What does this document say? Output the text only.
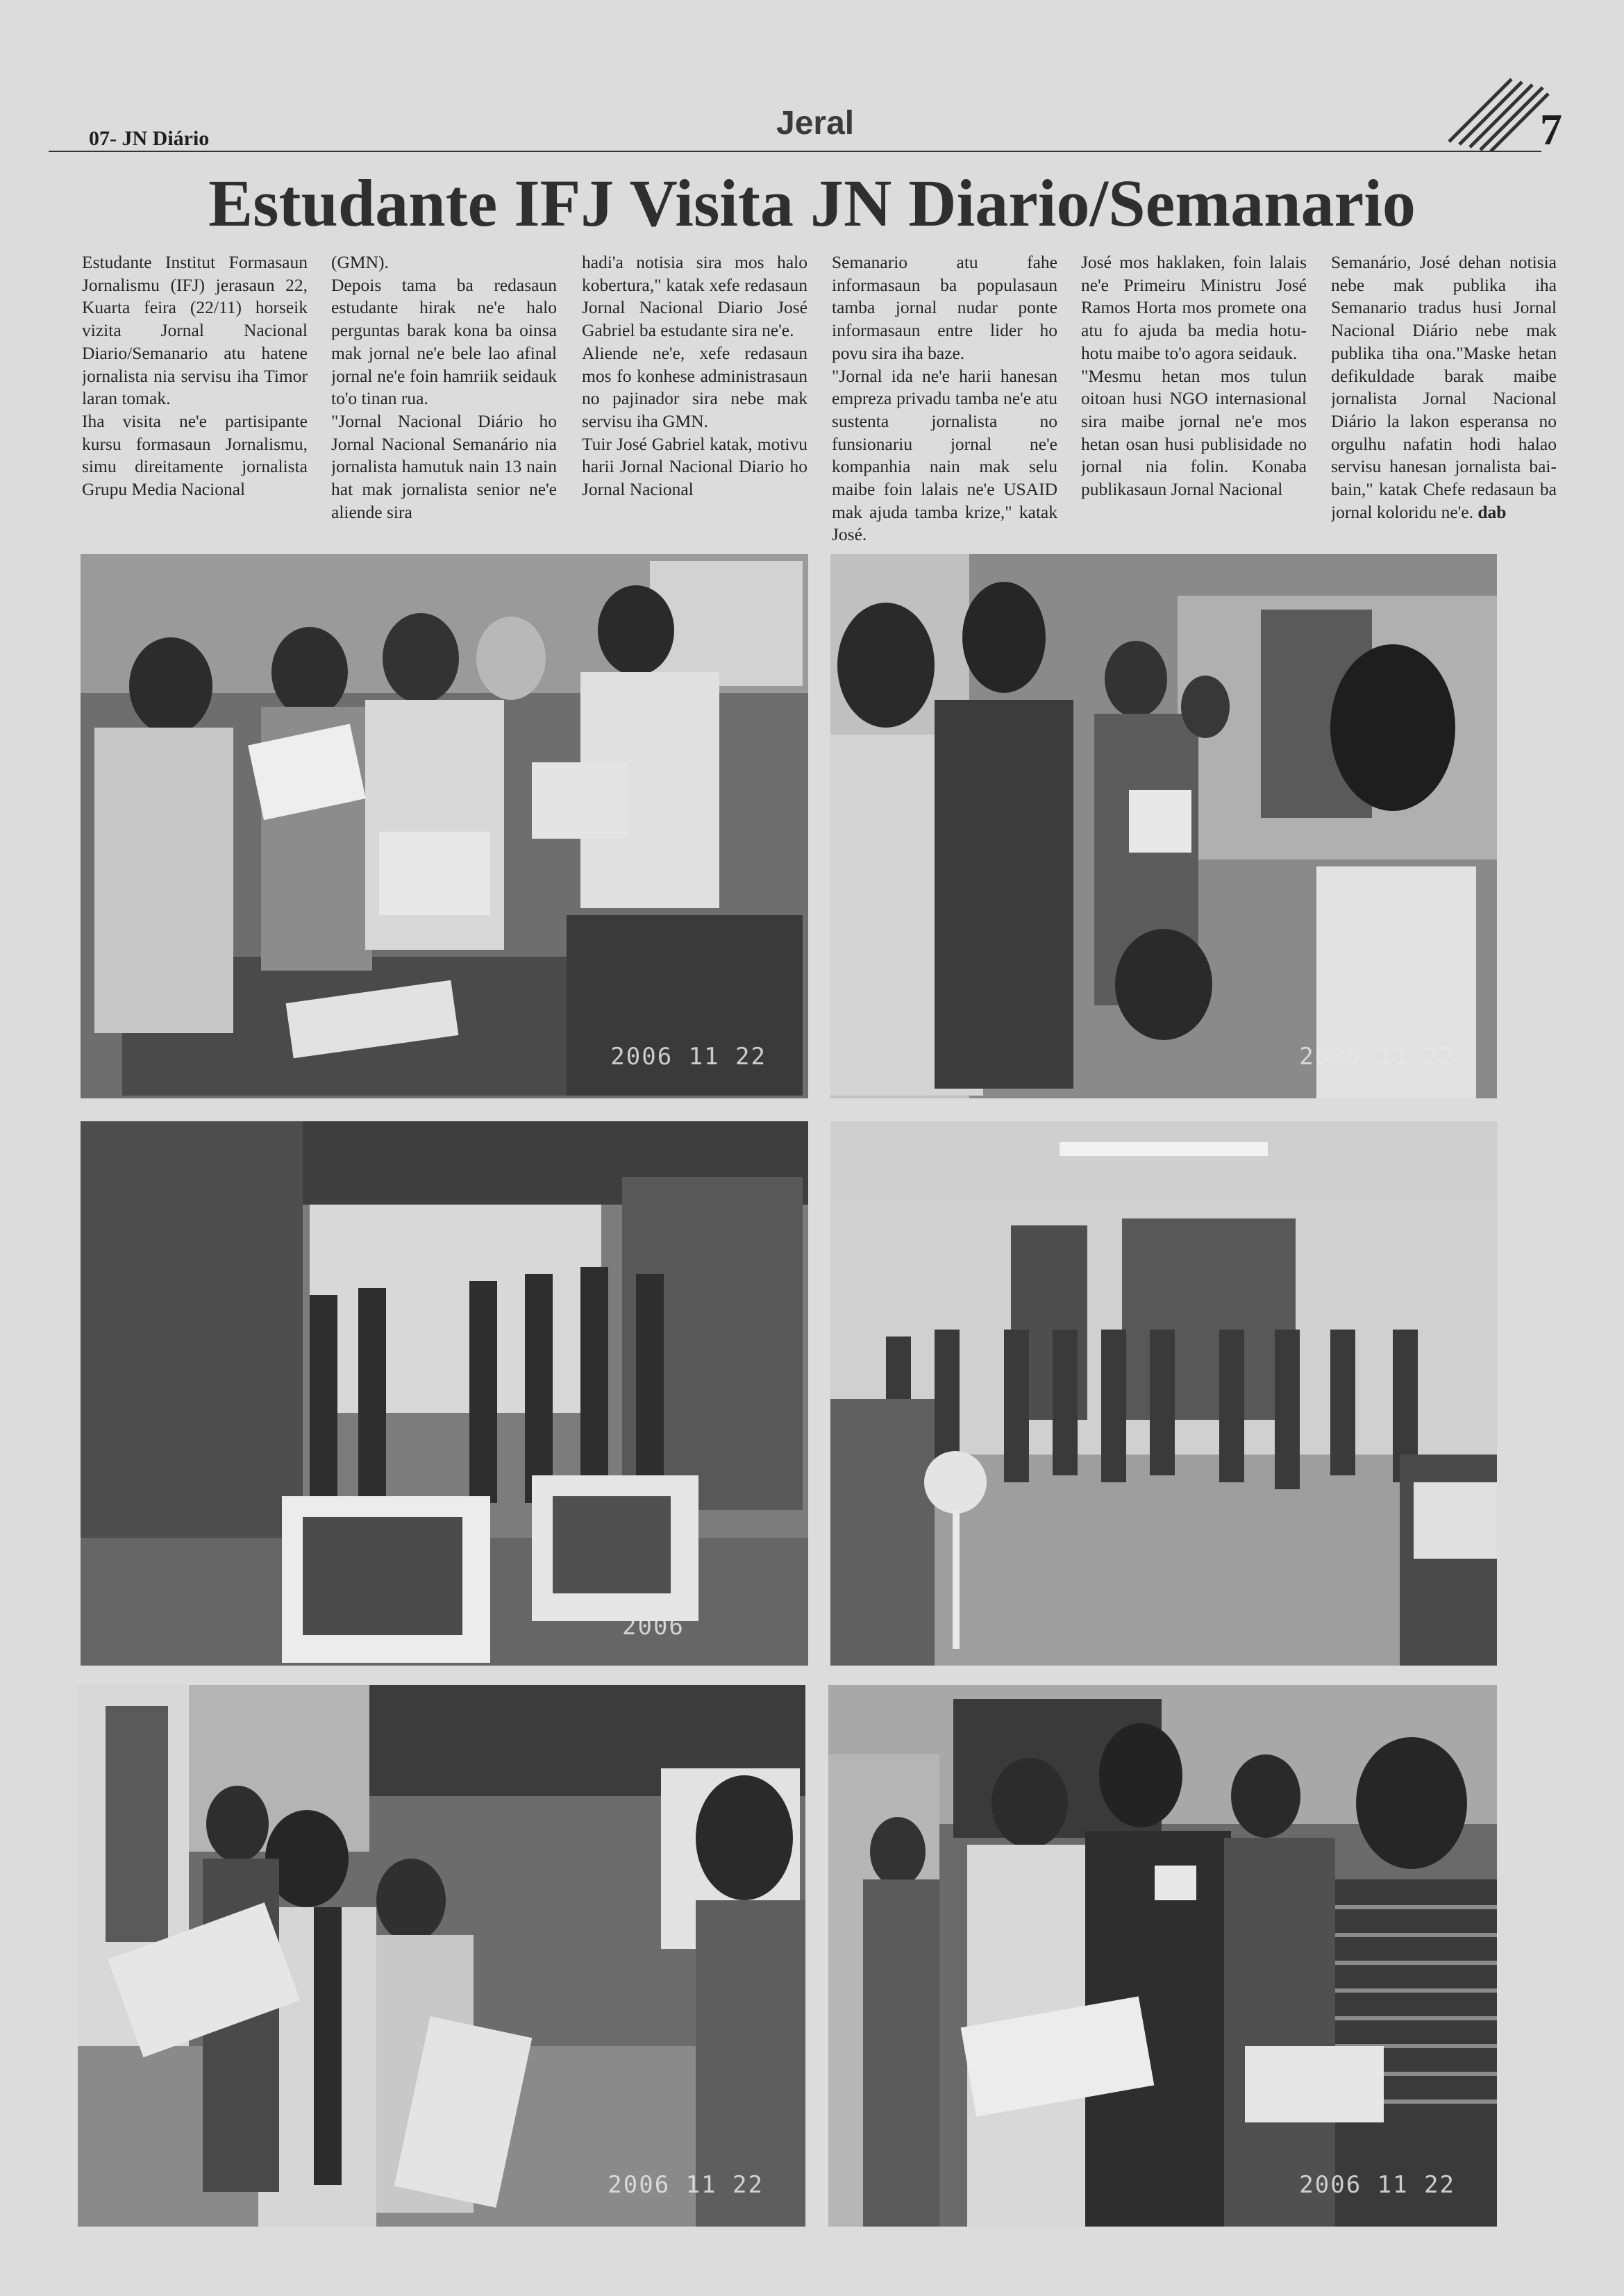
07- JN Diário	Jeral	7
Estudante IFJ Visita JN Diario/Semanario

Estudante Institut Formasaun Jornalismu (IFJ) jerasaun 22, Kuarta feira (22/11) horseik vizita Jornal Nacional Diario/Semanario atu hatene jornalista nia servisu iha Timor laran tomak.

Iha visita ne'e partisipante kursu formasaun Jornalismu, simu direitamente jornalista Grupu Media Nacional

(GMN).

Depois tama ba redasaun estudante hirak ne'e halo perguntas barak kona ba oinsa mak jornal ne'e bele lao afinal jornal ne'e foin hamriik seidauk to'o tinan rua.

"Jornal Nacional Diário ho Jornal Nacional Semanário nia jornalista hamutuk nain 13 nain hat mak jornalista senior ne'e aliende sira

hadi'a notisia sira mos halo kobertura," katak xefe redasaun Jornal Nacional Diario José Gabriel ba estudante sira ne'e.

Aliende ne'e, xefe redasaun mos fo konhese administrasaun no pajinador sira nebe mak servisu iha GMN.

Tuir José Gabriel katak, motivu harii Jornal Nacional Diario ho Jornal Nacional

Semanario atu fahe informasaun ba populasaun tamba jornal nudar ponte informasaun entre lider ho povu sira iha baze.

"Jornal ida ne'e harii hanesan empreza privadu tamba ne'e atu sustenta jornalista no funsionariu jornal ne'e kompanhia nain mak selu maibe foin lalais ne'e USAID mak ajuda tamba krize," katak José.

José mos haklaken, foin lalais ne'e Primeiru Ministru José Ramos Horta mos promete ona atu fo ajuda ba media hotu-hotu maibe to'o agora seidauk.

"Mesmu hetan mos tulun oitoan husi NGO internasional sira maibe jornal ne'e mos hetan osan husi publisidade no jornal nia folin. Konaba publikasaun Jornal Nacional

Semanário, José dehan notisia nebe mak publika iha Semanario tradus husi Jornal Nacional Diário nebe mak publika tiha ona."Maske hetan defikuldade barak maibe jornalista Jornal Nacional Diário la lakon esperansa no orgulhu nafatin hodi halao servisu hanesan jornalista bai-bain," katak Chefe redasaun ba jornal koloridu ne'e. dab

2006 11 22	2006 11 22
2006
2006 11 22	2006 11 22
